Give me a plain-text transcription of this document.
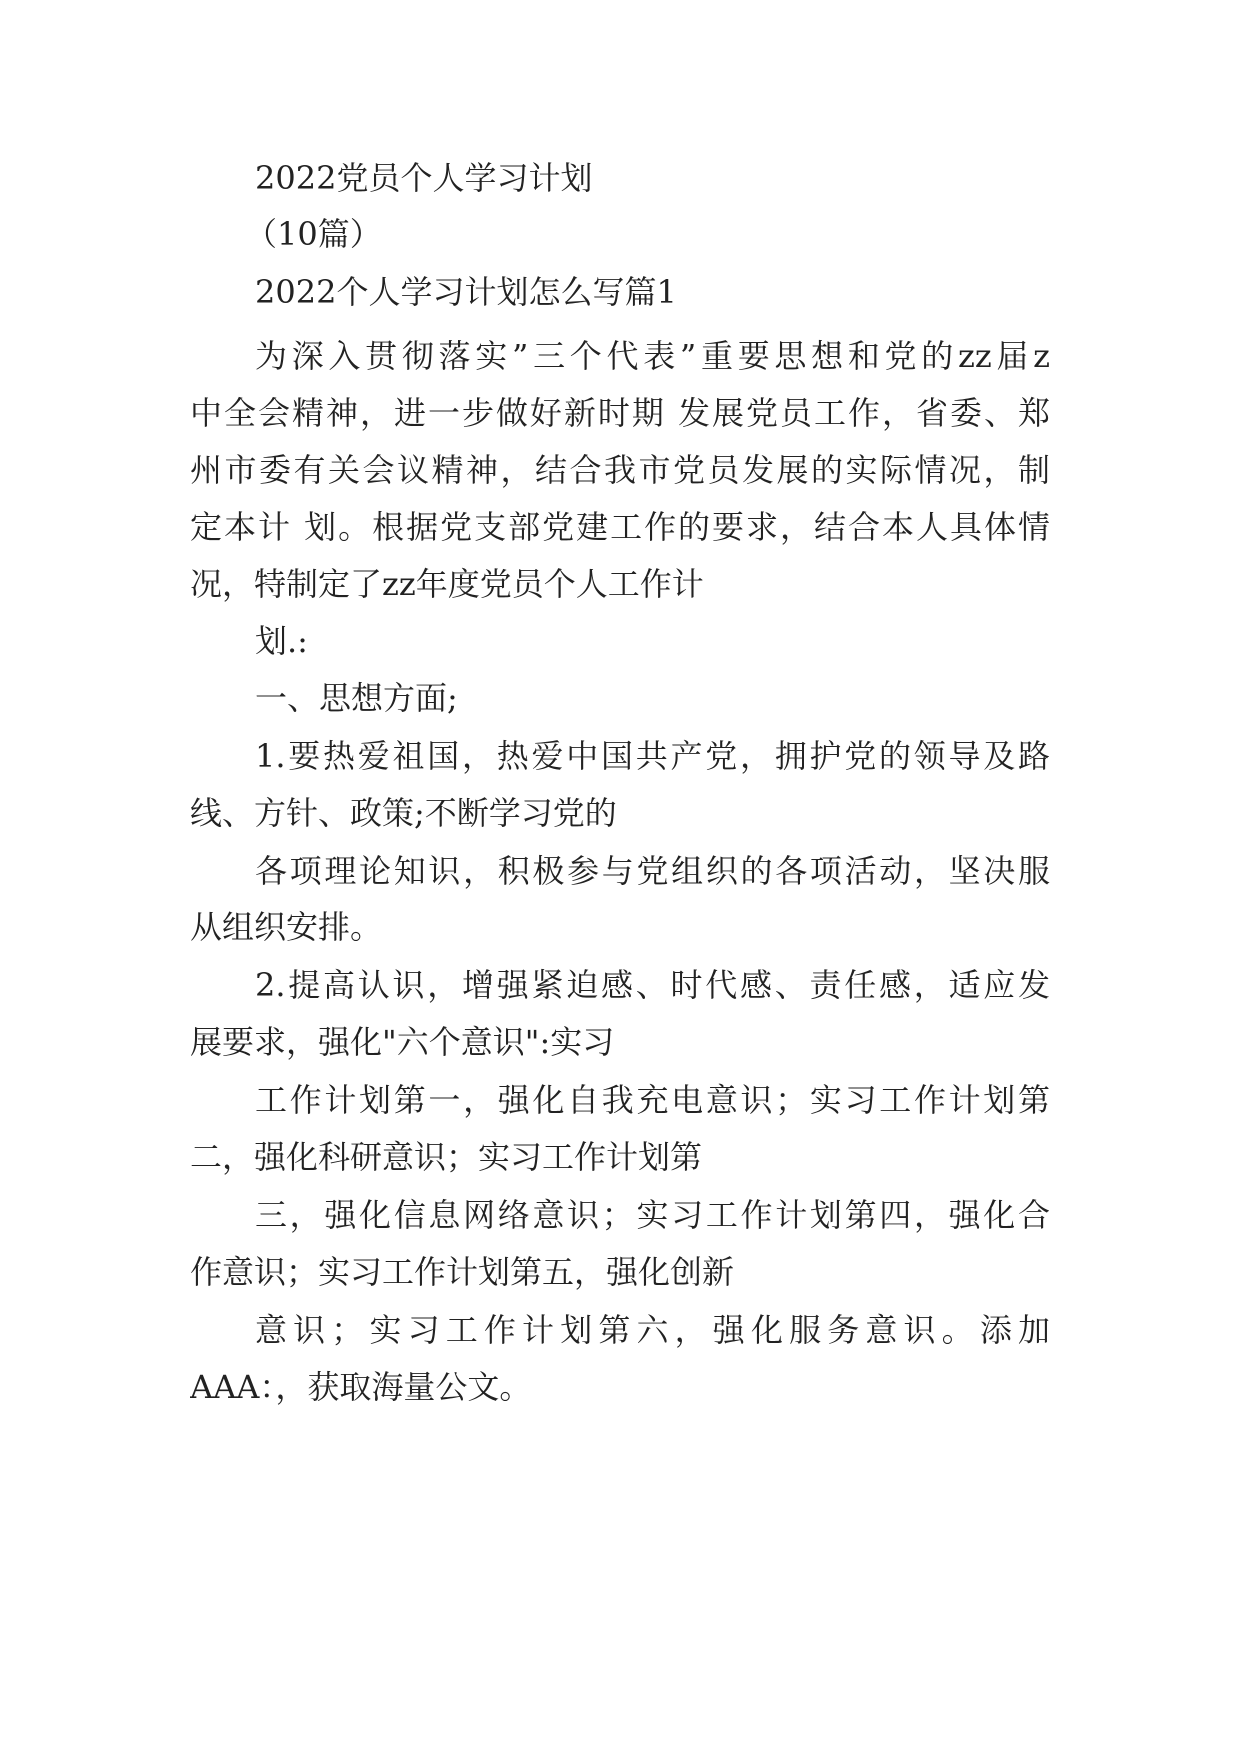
2022党员个人学习计划
（10篇）
2022个人学习计划怎么写篇1
为深入贯彻落实”三个代表”重要思想和党的zz届z
中全会精神，进一步做好新时期 发展党员工作，省委、郑
州市委有关会议精神，结合我市党员发展的实际情况，制
定本计 划。根据党支部党建工作的要求，结合本人具体情
况，特制定了zz年度党员个人工作计
划.:
一、思想方面;
1.要热爱祖国，热爱中国共产党，拥护党的领导及路
线、方针、政策;不断学习党的
各项理论知识，积极参与党组织的各项活动，坚决服
从组织安排。
2.提高认识，增强紧迫感、时代感、责任感，适应发
展要求，强化"六个意识":实习
工作计划第一，强化自我充电意识；实习工作计划第
二，强化科研意识；实习工作计划第
三，强化信息网络意识；实习工作计划第四，强化合
作意识；实习工作计划第五，强化创新
意识；实习工作计划第六，强化服务意识。添加
AAA：，获取海量公文。
